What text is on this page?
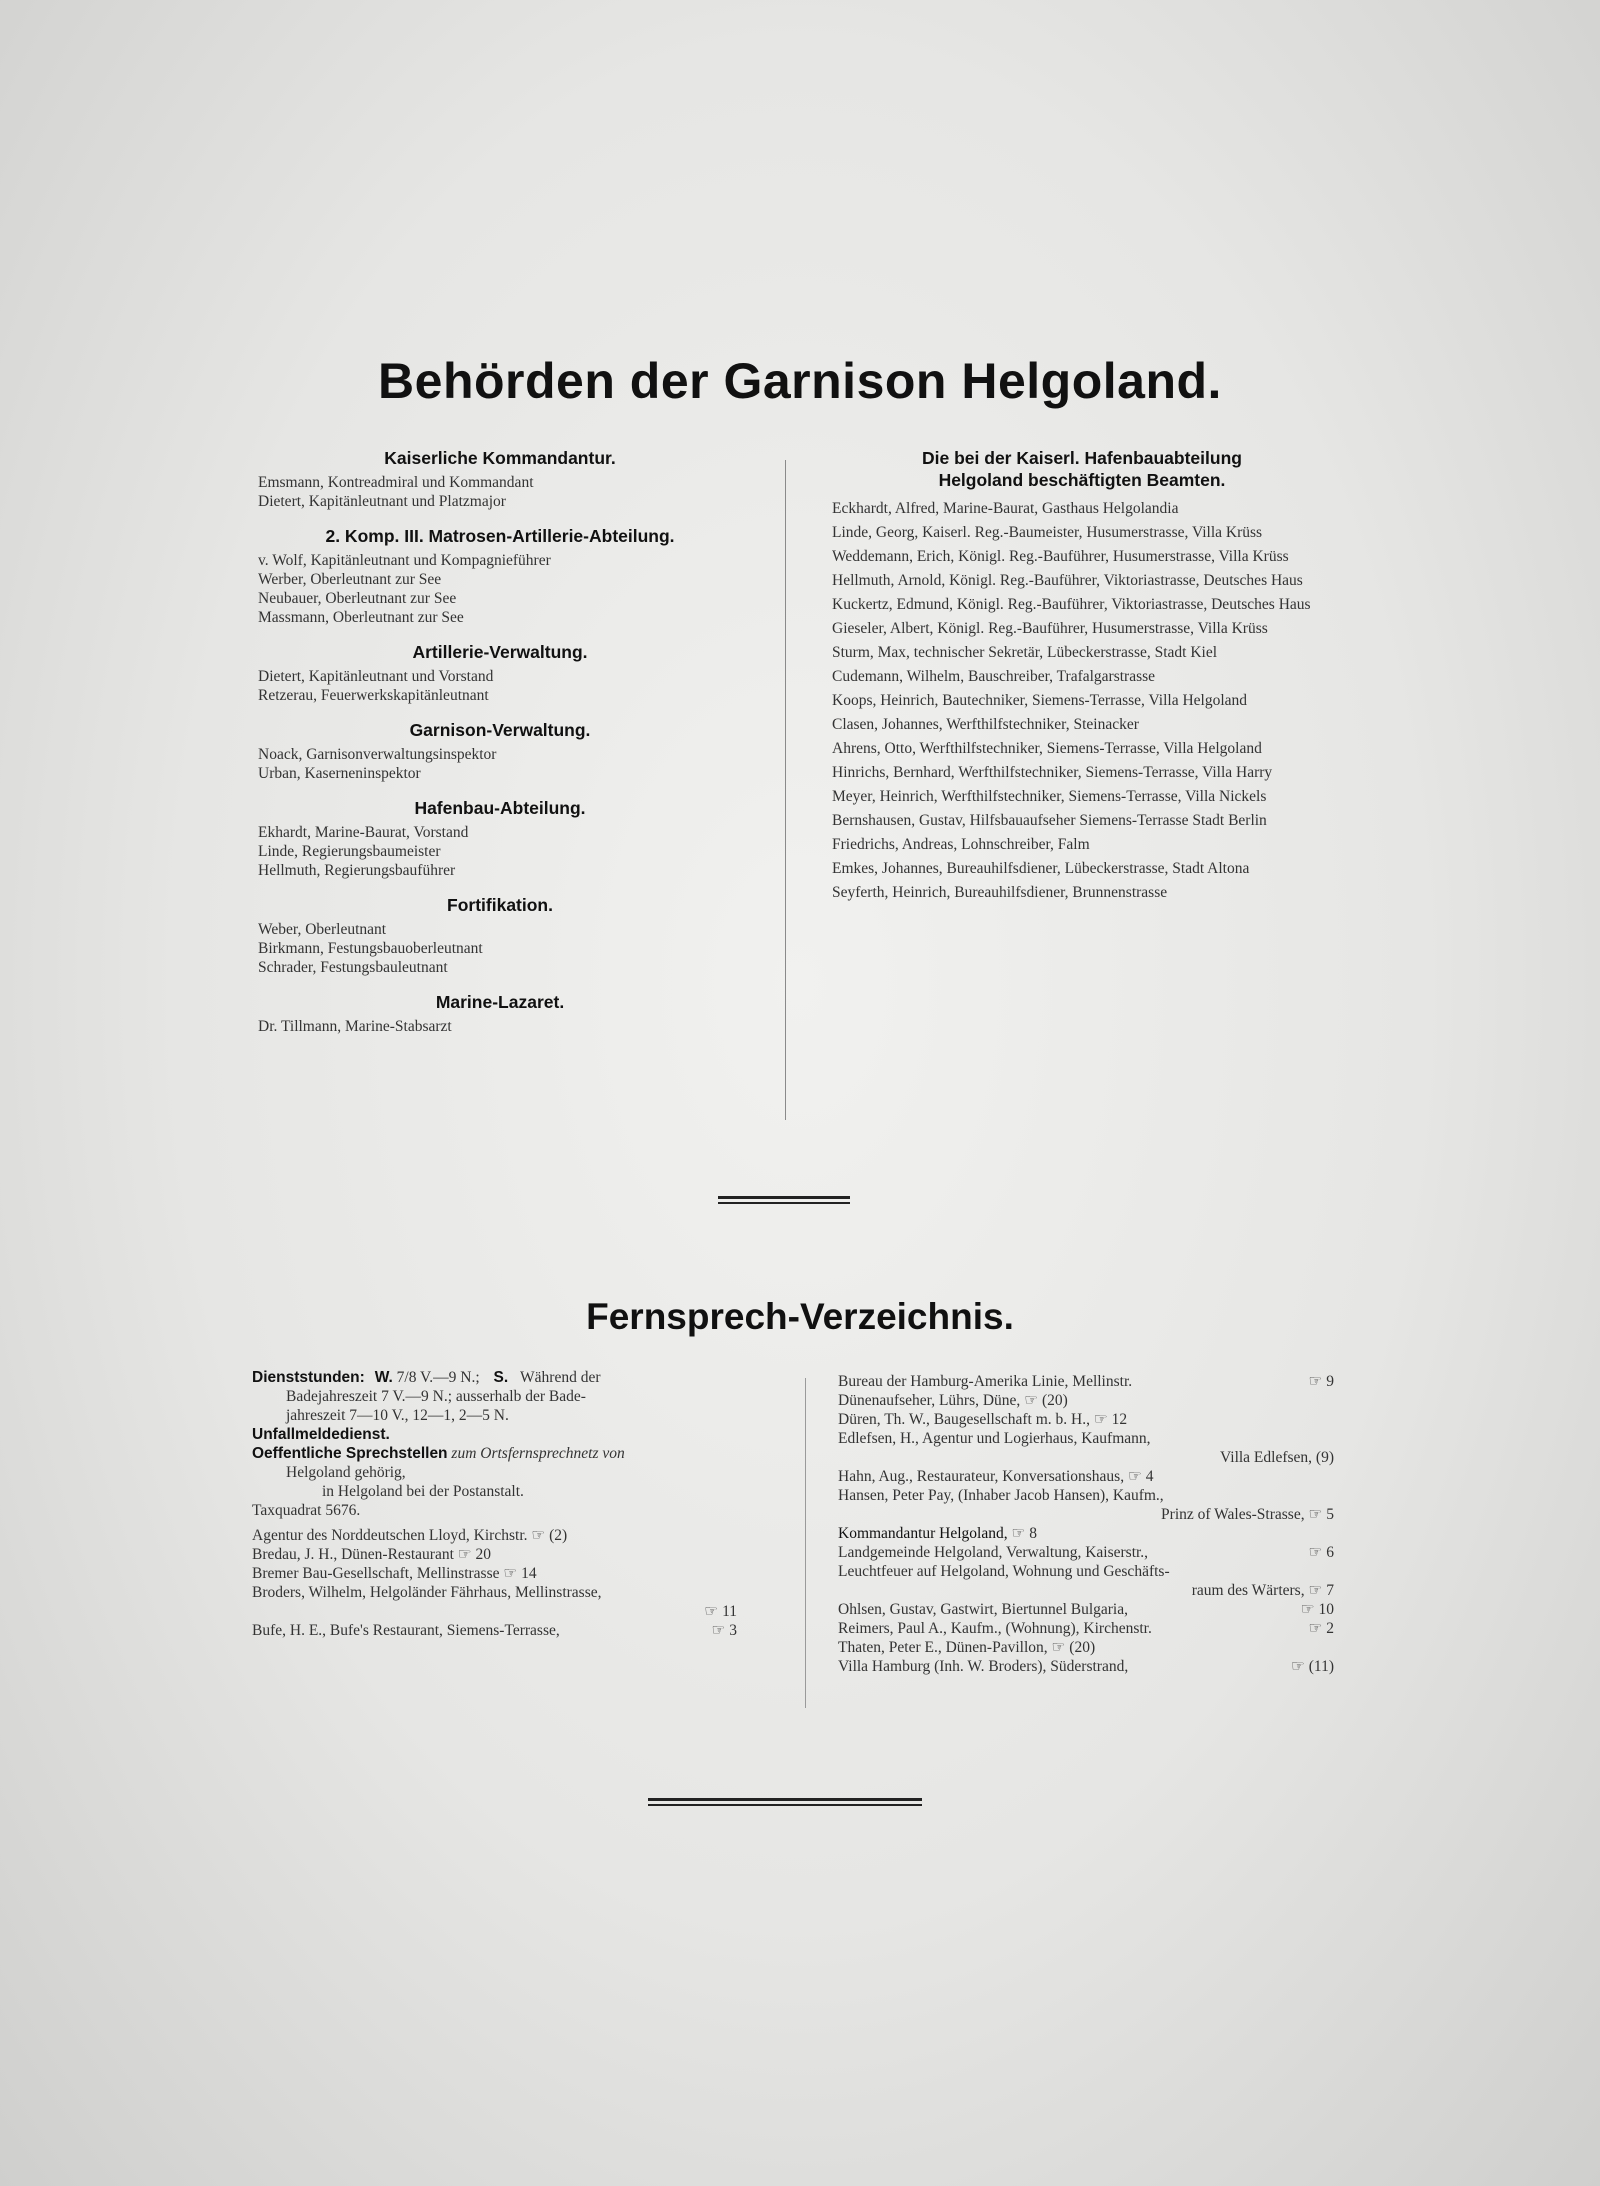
Behörden der Garnison Helgoland.
Kaiserliche Kommandantur.
Emsmann, Kontreadmiral und Kommandant
Dietert, Kapitänleutnant und Platzmajor
2. Komp. III. Matrosen-Artillerie-Abteilung.
v. Wolf, Kapitänleutnant und Kompagnieführer
Werber, Oberleutnant zur See
Neubauer, Oberleutnant zur See
Massmann, Oberleutnant zur See
Artillerie-Verwaltung.
Dietert, Kapitänleutnant und Vorstand
Retzerau, Feuerwerkskapitänleutnant
Garnison-Verwaltung.
Noack, Garnisonverwaltungsinspektor
Urban, Kaserneninspektor
Hafenbau-Abteilung.
Ekhardt, Marine-Baurat, Vorstand
Linde, Regierungsbaumeister
Hellmuth, Regierungsbauführer
Fortifikation.
Weber, Oberleutnant
Birkmann, Festungsbauoberleutnant
Schrader, Festungsbauleutnant
Marine-Lazaret.
Dr. Tillmann, Marine-Stabsarzt
Die bei der Kaiserl. Hafenbauabteilung
Helgoland beschäftigten Beamten.
Eckhardt, Alfred, Marine-Baurat, Gasthaus Helgolandia
Linde, Georg, Kaiserl. Reg.-Baumeister, Husumerstrasse, Villa Krüss
Weddemann, Erich, Königl. Reg.-Bauführer, Husumerstrasse, Villa Krüss
Hellmuth, Arnold, Königl. Reg.-Bauführer, Viktoriastrasse, Deutsches Haus
Kuckertz, Edmund, Königl. Reg.-Bauführer, Viktoriastrasse, Deutsches Haus
Gieseler, Albert, Königl. Reg.-Bauführer, Husumerstrasse, Villa Krüss
Sturm, Max, technischer Sekretär, Lübeckerstrasse, Stadt Kiel
Cudemann, Wilhelm, Bauschreiber, Trafalgarstrasse
Koops, Heinrich, Bautechniker, Siemens-Terrasse, Villa Helgoland
Clasen, Johannes, Werfthilfstechniker, Steinacker
Ahrens, Otto, Werfthilfstechniker, Siemens-Terrasse, Villa Helgoland
Hinrichs, Bernhard, Werfthilfstechniker, Siemens-Terrasse, Villa Harry
Meyer, Heinrich, Werfthilfstechniker, Siemens-Terrasse, Villa Nickels
Bernshausen, Gustav, Hilfsbauaufseher Siemens-Terrasse Stadt Berlin
Friedrichs, Andreas, Lohnschreiber, Falm
Emkes, Johannes, Bureauhilfsdiener, Lübeckerstrasse, Stadt Altona
Seyferth, Heinrich, Bureauhilfsdiener, Brunnenstrasse
Fernsprech-Verzeichnis.
Dienststunden: W. 7/8 V.—9 N.; S. Während der
Badejahreszeit 7 V.—9 N.; ausserhalb der Bade-
jahreszeit 7—10 V., 12—1, 2—5 N.
Unfallmeldedienst.
Oeffentliche Sprechstellen zum Ortsfernsprechnetz von
Helgoland gehörig,
in Helgoland bei der Postanstalt.
Taxquadrat 5676.
Agentur des Norddeutschen Lloyd, Kirchstr. ☞ (2)
Bredau, J. H., Dünen-Restaurant ☞ 20
Bremer Bau-Gesellschaft, Mellinstrasse ☞ 14
Broders, Wilhelm, Helgoländer Fährhaus, Mellinstrasse,
☞ 11
Bufe, H. E., Bufe's Restaurant, Siemens-Terrasse,	☞ 3
Bureau der Hamburg-Amerika Linie, Mellinstr.	☞ 9
Dünenaufseher, Lührs, Düne, ☞ (20)
Düren, Th. W., Baugesellschaft m. b. H., ☞ 12
Edlefsen, H., Agentur und Logierhaus, Kaufmann,
Villa Edlefsen, (9)
Hahn, Aug., Restaurateur, Konversationshaus, ☞ 4
Hansen, Peter Pay, (Inhaber Jacob Hansen), Kaufm.,
Prinz of Wales-Strasse, ☞ 5
Kommandantur Helgoland, ☞ 8
Landgemeinde Helgoland, Verwaltung, Kaiserstr.,	☞ 6
Leuchtfeuer auf Helgoland, Wohnung und Geschäfts-
raum des Wärters, ☞ 7
Ohlsen, Gustav, Gastwirt, Biertunnel Bulgaria,	☞ 10
Reimers, Paul A., Kaufm., (Wohnung), Kirchenstr.	☞ 2
Thaten, Peter E., Dünen-Pavillon, ☞ (20)
Villa Hamburg (Inh. W. Broders), Süderstrand,	☞ (11)
